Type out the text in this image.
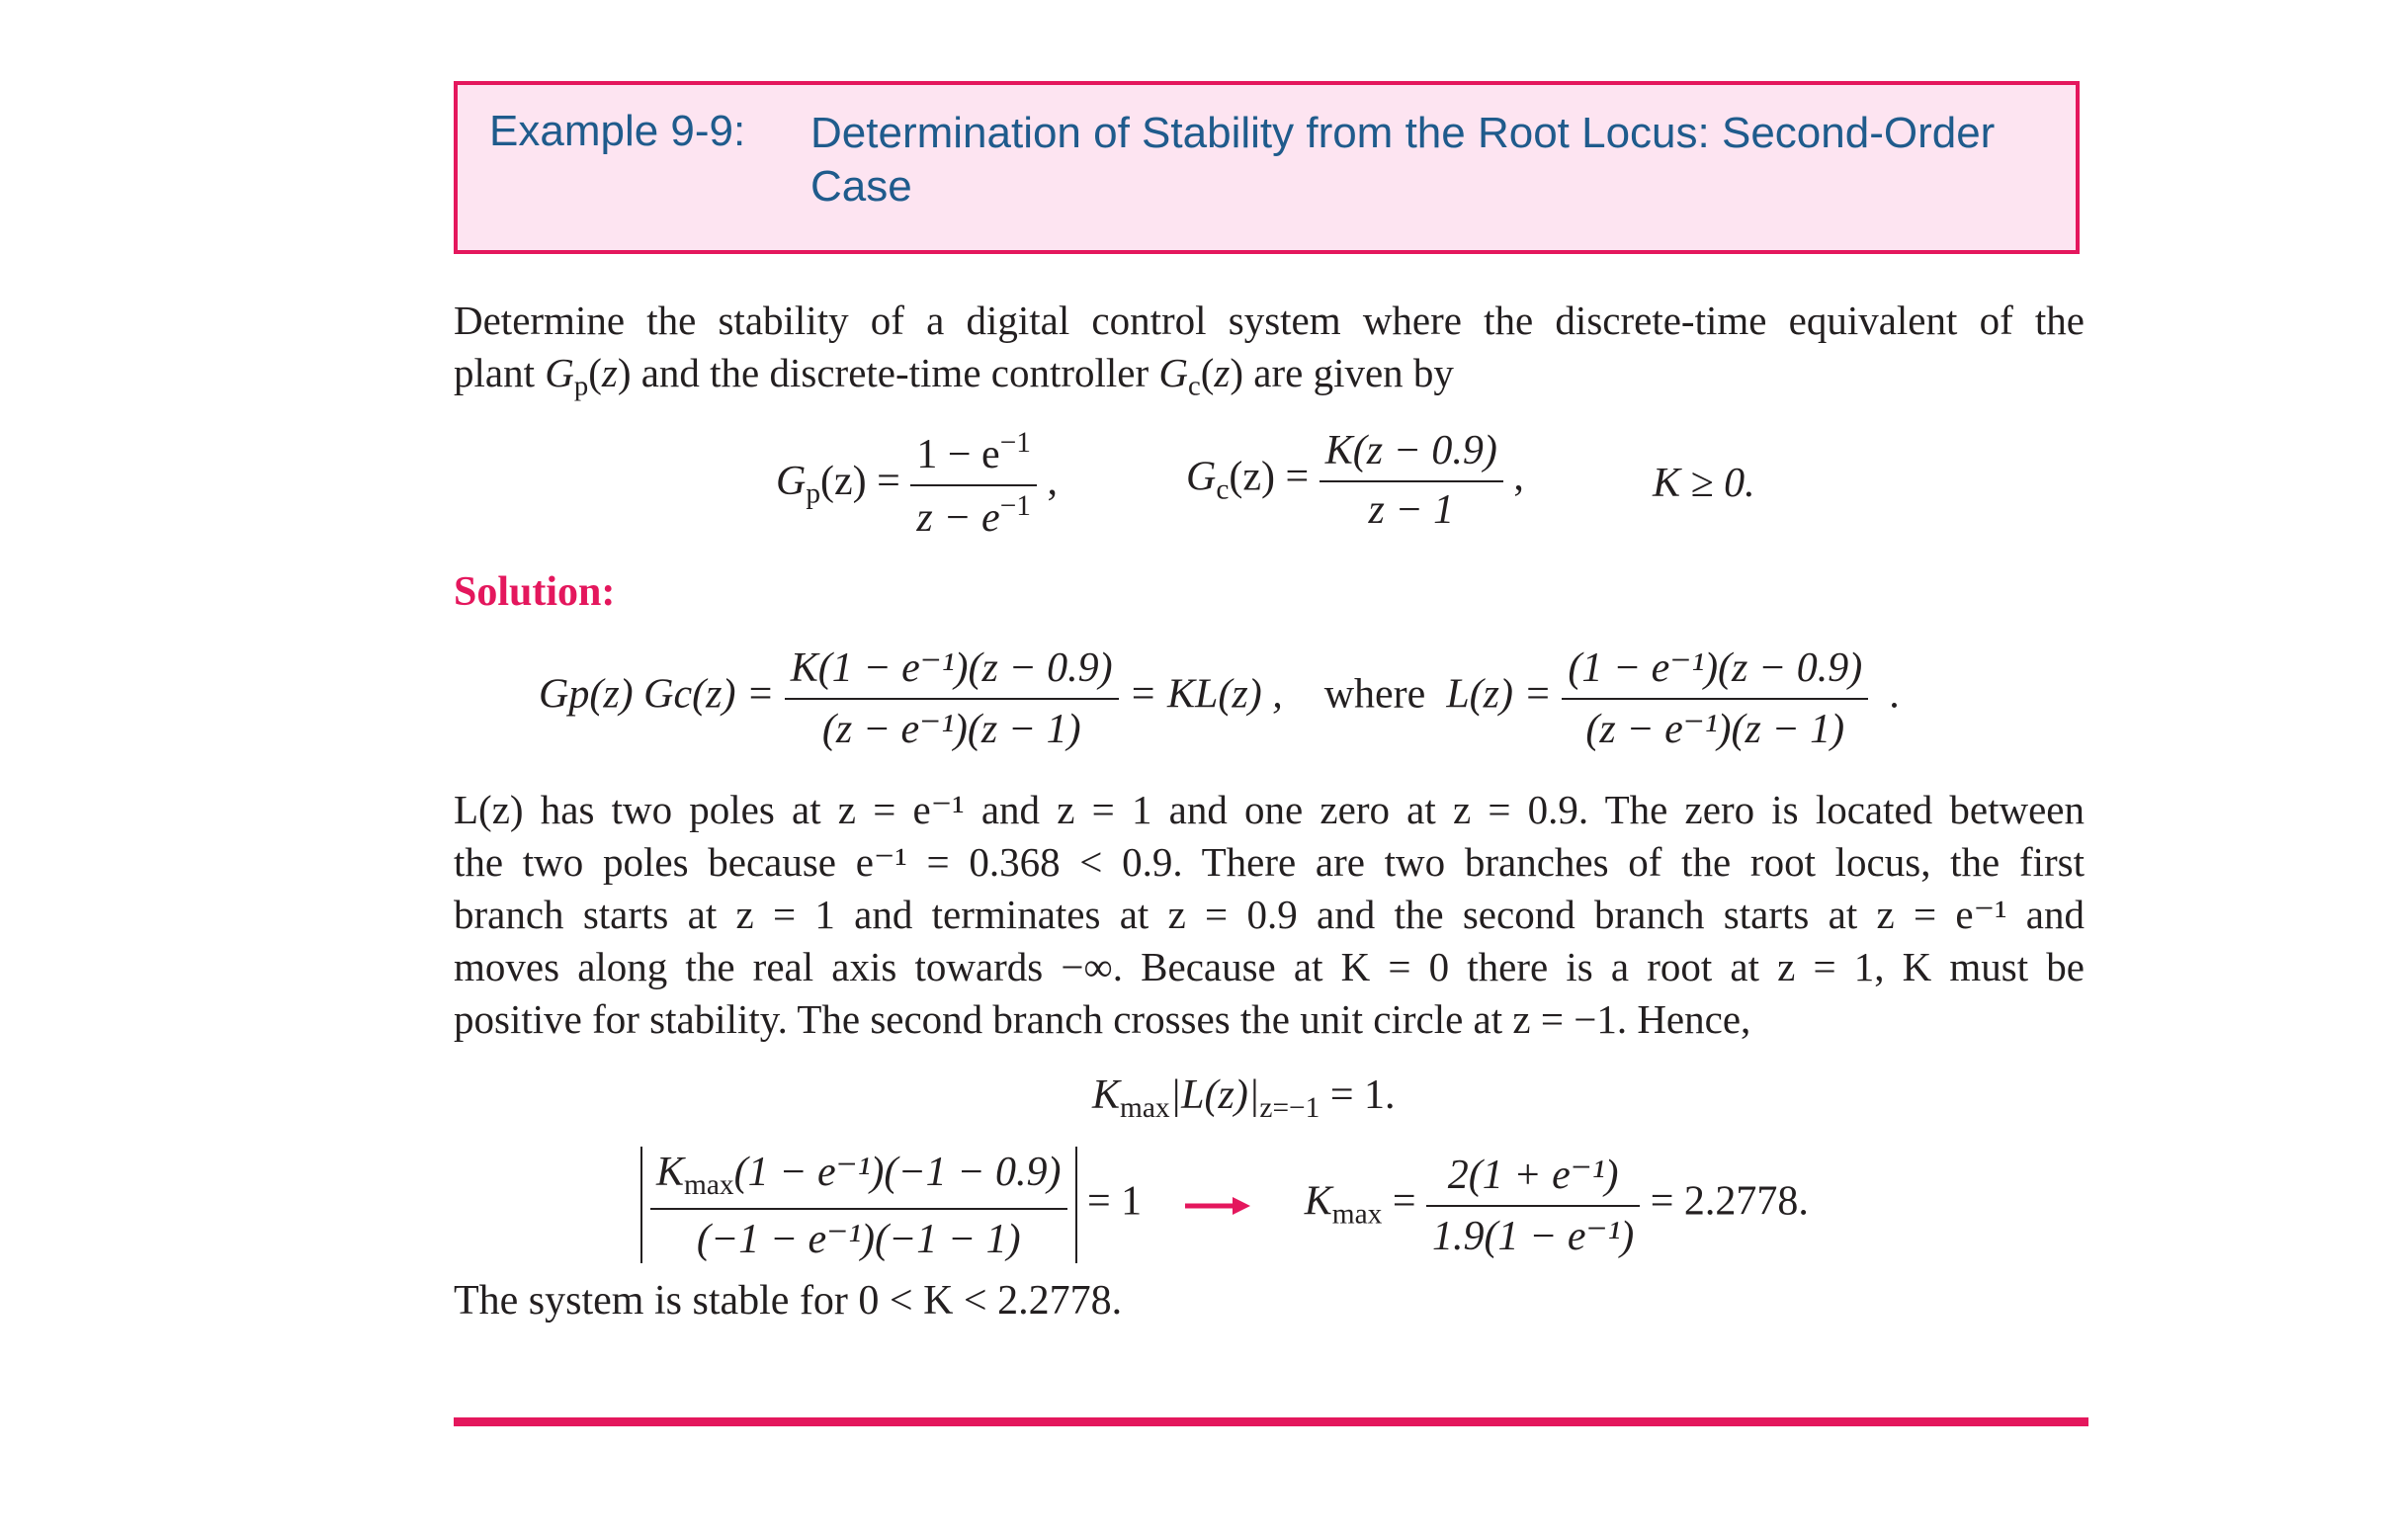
Example 9-9: Determination of Stability from the Root Locus: Second-Order Case
Determine the stability of a digital control system where the discrete-time equivalent of the
plant $G_p(z)$ and the discrete-time controller $G_c(z)$ are given by
$G_p(z) = \frac{1 - e^{-1}}{z - e^{-1}}$ ,	$G_c(z) = \frac{K(z - 0.9)}{z - 1}$ ,	K ≥ 0.
Solution:
Gp(z) $Gc(z) = \frac{\text{K(1 − e⁻¹)(z − 0.9)}}{\text{(z − e⁻¹)(z − 1)}} = KL(z)$ , where $L(z) = \frac{\text{(1 − e⁻¹)(z − 0.9)}}{\text{(z − e⁻¹)(z − 1)}}$ .
L(z) has two poles at z = e⁻¹ and z = 1 and one zero at z = 0.9. The zero is located between
the two poles because e⁻¹ = 0.368 < 0.9. There are two branches of the root locus, the first
branch starts at z = 1 and terminates at z = 0.9 and the second branch starts at z = e⁻¹ and
moves along the real axis towards −∞. Because at K = 0 there is a root at z = 1, K must be
positive for stability. The second branch crosses the unit circle at z = −1. Hence,
$K_{max}|L(z)|_{z=-1} = 1$.
$\frac{K_{max}(1 - e^{-1})(-1 - 0.9)}{\text{(−1 − e⁻¹)(−1 − 1)}} = 1$	$K_{max} = \frac{\text{2(1 + e⁻¹)}}{\text{1.9(1 − e⁻¹)}} = 2.2778$.
The system is stable for 0 < K < 2.2778.
